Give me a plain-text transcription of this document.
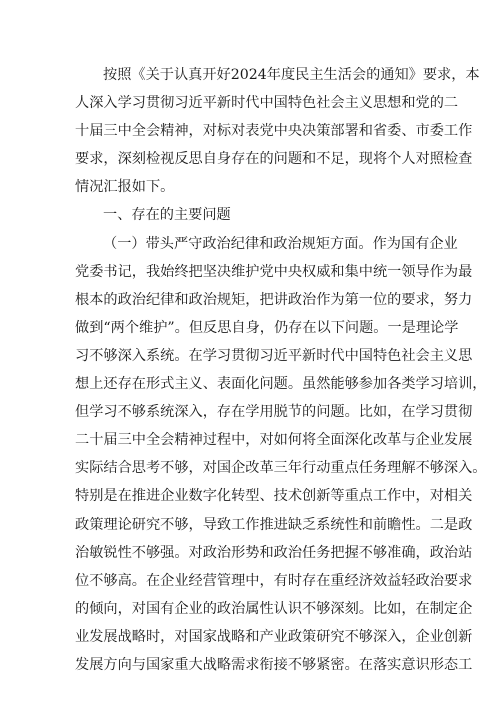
按照《关于认真开好2024年度民主生活会的通知》要求，本
人深入学习贯彻习近平新时代中国特色社会主义思想和党的二
十届三中全会精神，对标对表党中央决策部署和省委、市委工作
要求，深刻检视反思自身存在的问题和不足，现将个人对照检查
情况汇报如下。
一、存在的主要问题
（一）带头严守政治纪律和政治规矩方面。作为国有企业
党委书记，我始终把坚决维护党中央权威和集中统一领导作为最
根本的政治纪律和政治规矩，把讲政治作为第一位的要求，努力
做到“两个维护”。但反思自身，仍存在以下问题。一是理论学
习不够深入系统。在学习贯彻习近平新时代中国特色社会主义思
想上还存在形式主义、表面化问题。虽然能够参加各类学习培训，
但学习不够系统深入，存在学用脱节的问题。比如，在学习贯彻
二十届三中全会精神过程中，对如何将全面深化改革与企业发展
实际结合思考不够，对国企改革三年行动重点任务理解不够深入。
特别是在推进企业数字化转型、技术创新等重点工作中，对相关
政策理论研究不够，导致工作推进缺乏系统性和前瞻性。二是政
治敏锐性不够强。对政治形势和政治任务把握不够准确，政治站
位不够高。在企业经营管理中，有时存在重经济效益轻政治要求
的倾向，对国有企业的政治属性认识不够深刻。比如，在制定企
业发展战略时，对国家战略和产业政策研究不够深入，企业创新
发展方向与国家重大战略需求衔接不够紧密。在落实意识形态工
